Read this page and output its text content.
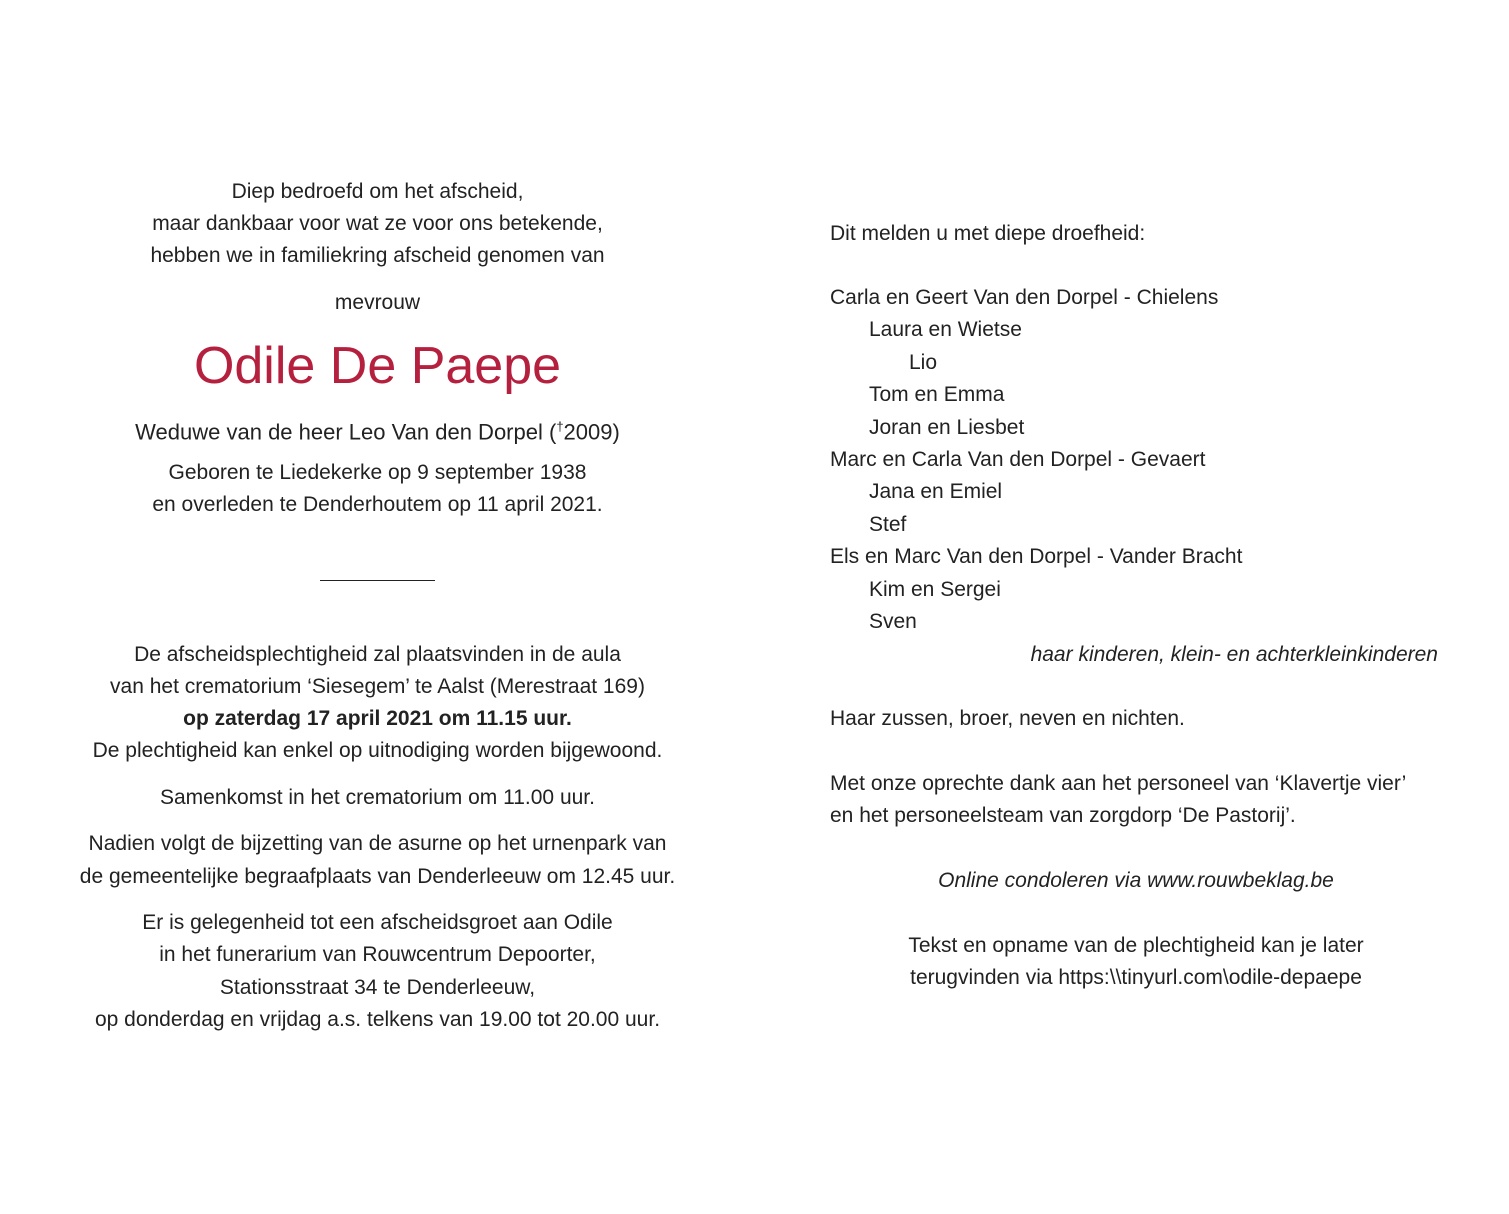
Diep bedroefd om het afscheid,
maar dankbaar voor wat ze voor ons betekende,
hebben we in familiekring afscheid genomen van
mevrouw
Odile De Paepe
Weduwe van de heer Leo Van den Dorpel (†2009)
Geboren te Liedekerke op 9 september 1938
en overleden te Denderhoutem op 11 april 2021.
De afscheidsplechtigheid zal plaatsvinden in de aula
van het crematorium ‘Siesegem’ te Aalst (Merestraat 169)
op zaterdag 17 april 2021 om 11.15 uur.
De plechtigheid kan enkel op uitnodiging worden bijgewoond.
Samenkomst in het crematorium om 11.00 uur.
Nadien volgt de bijzetting van de asurne op het urnenpark van
de gemeentelijke begraafplaats van Denderleeuw om 12.45 uur.
Er is gelegenheid tot een afscheidsgroet aan Odile
in het funerarium van Rouwcentrum Depoorter,
Stationsstraat 34 te Denderleeuw,
op donderdag en vrijdag a.s. telkens van 19.00 tot 20.00 uur.
Dit melden u met diepe droefheid:
Carla en Geert Van den Dorpel - Chielens
Laura en Wietse
Lio
Tom en Emma
Joran en Liesbet
Marc en Carla Van den Dorpel - Gevaert
Jana en Emiel
Stef
Els en Marc Van den Dorpel - Vander Bracht
Kim en Sergei
Sven
haar kinderen, klein- en achterkleinkinderen
Haar zussen, broer, neven en nichten.
Met onze oprechte dank aan het personeel van ‘Klavertje vier’
en het personeelsteam van zorgdorp ‘De Pastorij’.
Online condoleren via www.rouwbeklag.be
Tekst en opname van de plechtigheid kan je later
terugvinden via https:\\tinyurl.com\odile-depaepe
